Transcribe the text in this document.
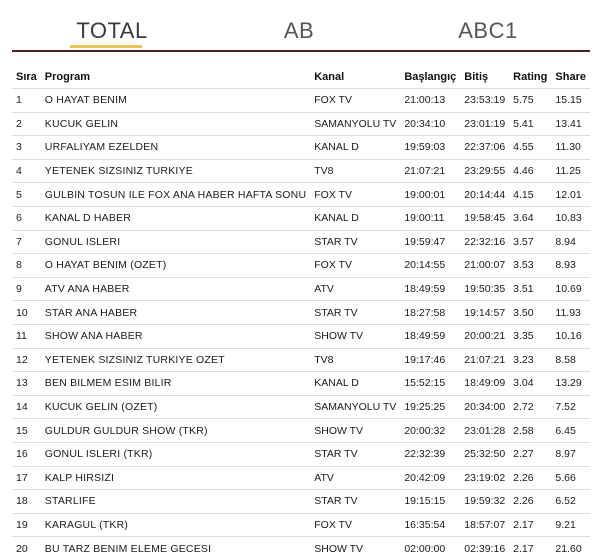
TOTAL	AB	ABC1
Sıra	Program	Kanal	Başlangıç	Bitiş	Rating	Share
1	O HAYAT BENIM	FOX TV	21:00:13	23:53:19	5.75	15.15
2	KUCUK GELIN	SAMANYOLU TV	20:34:10	23:01:19	5.41	13.41
3	URFALIYAM EZELDEN	KANAL D	19:59:03	22:37:06	4.55	11.30
4	YETENEK SIZSINIZ TURKIYE	TV8	21:07:21	23:29:55	4.46	11.25
5	GULBIN TOSUN ILE FOX ANA HABER HAFTA SONU	FOX TV	19:00:01	20:14:44	4.15	12.01
6	KANAL D HABER	KANAL D	19:00:11	19:58:45	3.64	10.83
7	GONUL ISLERI	STAR TV	19:59:47	22:32:16	3.57	8.94
8	O HAYAT BENIM (OZET)	FOX TV	20:14:55	21:00:07	3.53	8.93
9	ATV ANA HABER	ATV	18:49:59	19:50:35	3.51	10.69
10	STAR ANA HABER	STAR TV	18:27:58	19:14:57	3.50	11.93
11	SHOW ANA HABER	SHOW TV	18:49:59	20:00:21	3.35	10.16
12	YETENEK SIZSINIZ TURKIYE OZET	TV8	19:17:46	21:07:21	3.23	8.58
13	BEN BILMEM ESIM BILIR	KANAL D	15:52:15	18:49:09	3.04	13.29
14	KUCUK GELIN (OZET)	SAMANYOLU TV	19:25:25	20:34:00	2.72	7.52
15	GULDUR GULDUR SHOW (TKR)	SHOW TV	20:00:32	23:01:28	2.58	6.45
16	GONUL ISLERI (TKR)	STAR TV	22:32:39	25:32:50	2.27	8.97
17	KALP HIRSIZI	ATV	20:42:09	23:19:02	2.26	5.66
18	STARLIFE	STAR TV	19:15:15	19:59:32	2.26	6.52
19	KARAGUL (TKR)	FOX TV	16:35:54	18:57:07	2.17	9.21
20	BU TARZ BENIM ELEME GECESI	SHOW TV	02:00:00	02:39:16	2.17	21.60
